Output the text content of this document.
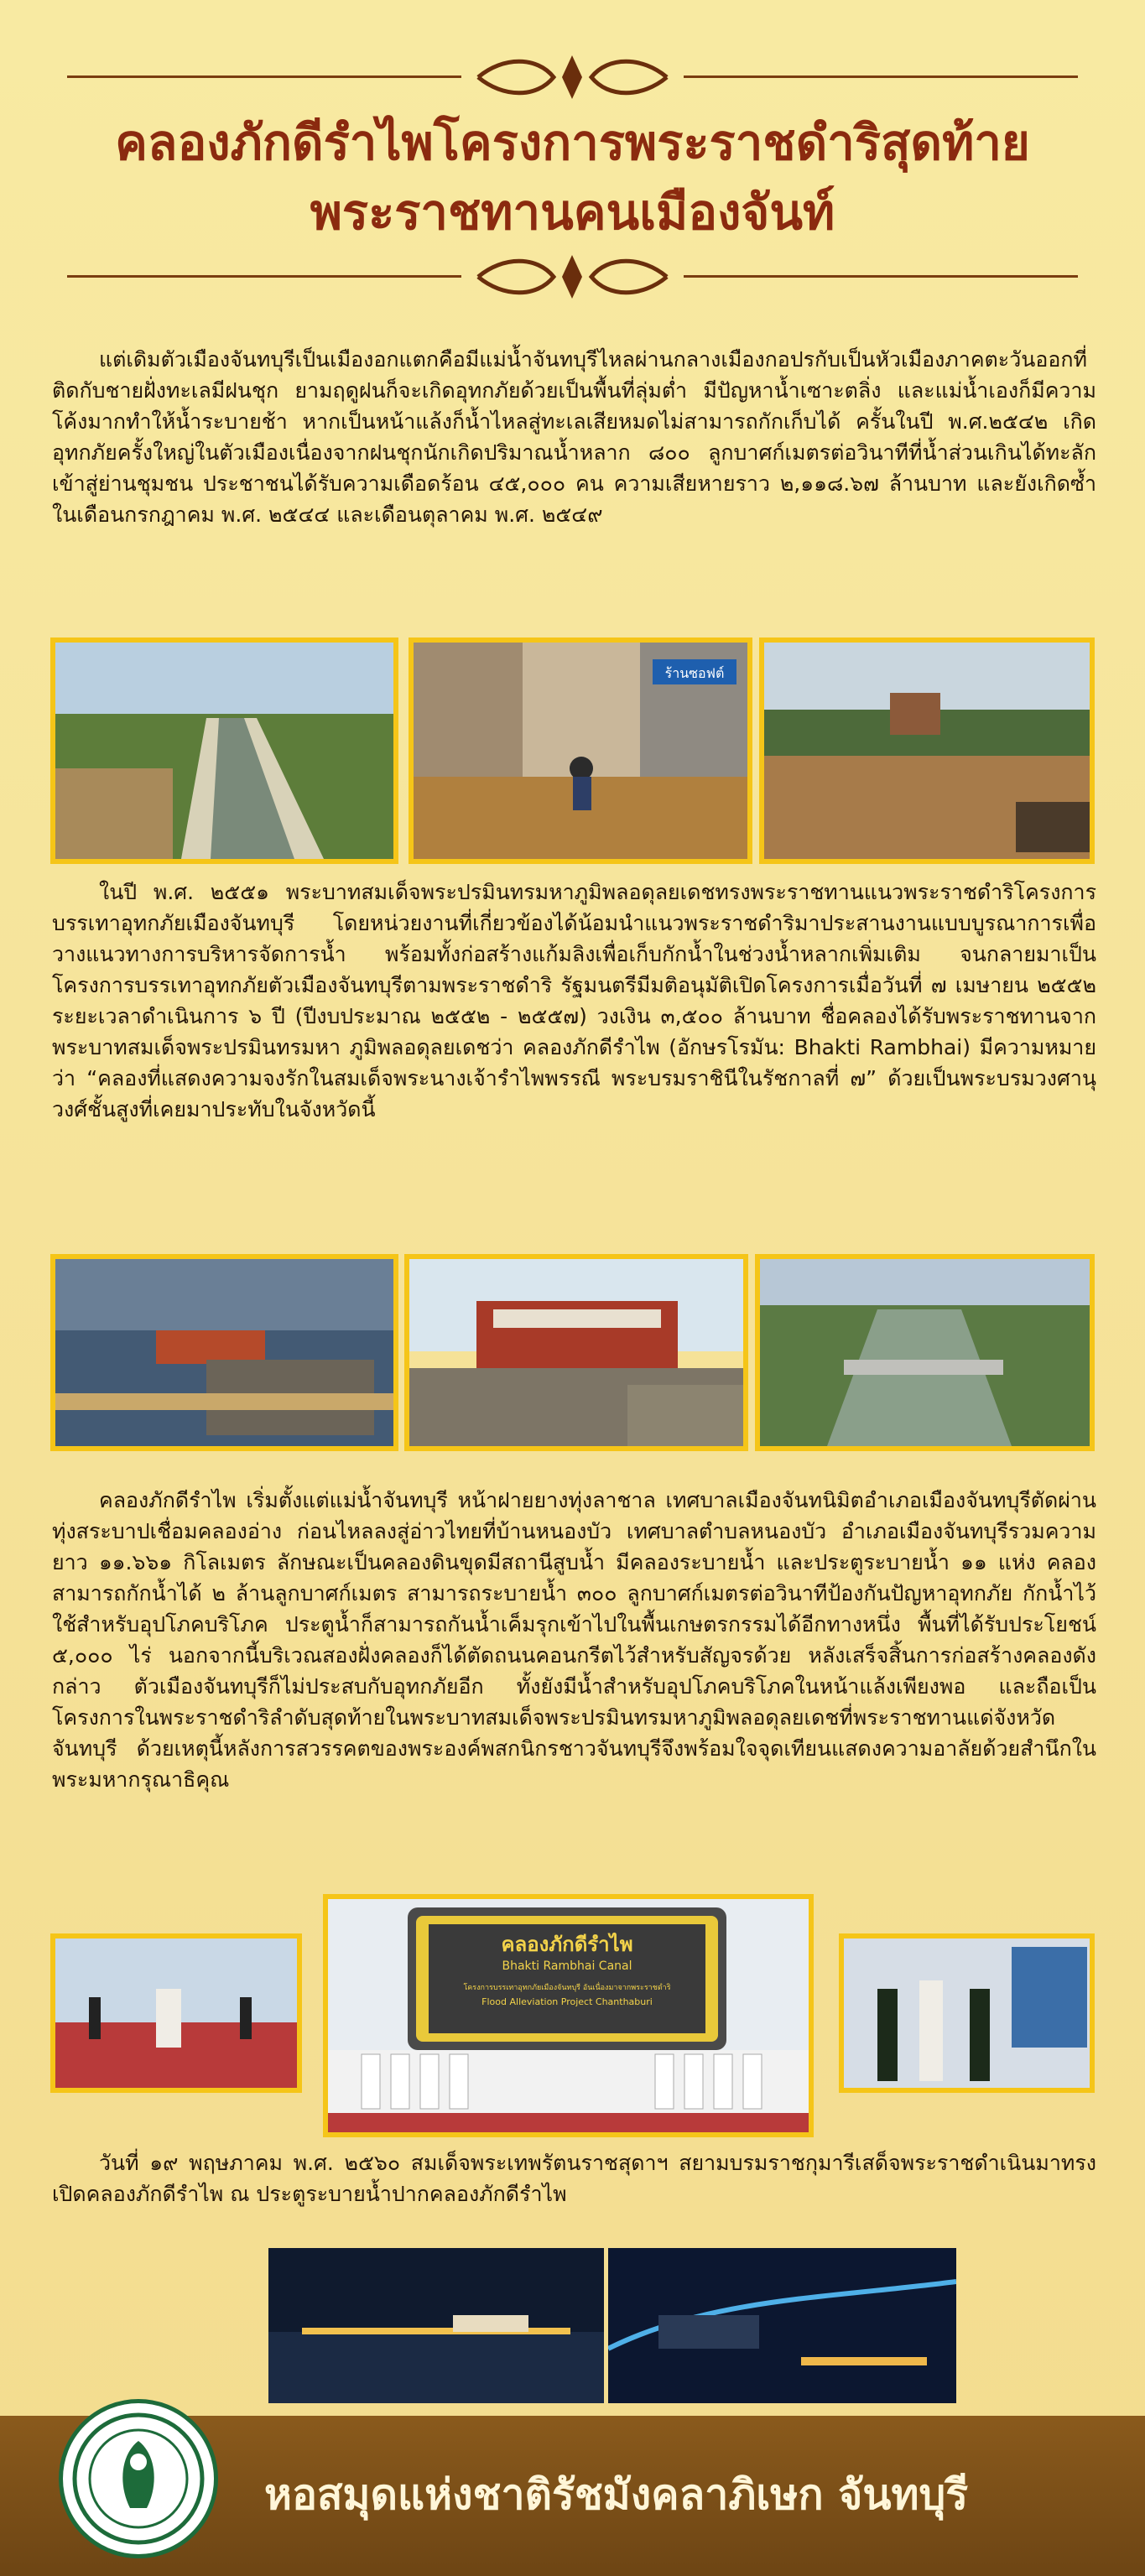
คลองภักดีรำไพโครงการพระราชดำริสุดท้าย
พระราชทานคนเมืองจันท์
แต่เดิมตัวเมืองจันทบุรีเป็นเมืองอกแตกคือมีแม่น้ำจันทบุรีไหลผ่านกลางเมืองกอปรกับเป็นหัวเมืองภาคตะวันออกที่ติดกับชายฝั่งทะเลมีฝนชุก ยามฤดูฝนก็จะเกิดอุทกภัยด้วยเป็นพื้นที่ลุ่มต่ำ มีปัญหาน้ำเซาะตลิ่ง และแม่น้ำเองก็มีความโค้งมากทำให้น้ำระบายช้า หากเป็นหน้าแล้งก็น้ำไหลสู่ทะเลเสียหมดไม่สามารถกักเก็บได้ ครั้นในปี พ.ศ.๒๕๔๒ เกิดอุทกภัยครั้งใหญ่ในตัวเมืองเนื่องจากฝนชุกนักเกิดปริมาณน้ำหลาก ๘๐๐ ลูกบาศก์เมตรต่อวินาทีที่น้ำส่วนเกินได้ทะลักเข้าสู่ย่านชุมชน ประชาชนได้รับความเดือดร้อน ๔๕,๐๐๐ คน ความเสียหายราว ๒,๑๑๘.๖๗ ล้านบาท และยังเกิดซ้ำในเดือนกรกฎาคม พ.ศ. ๒๕๔๔ และเดือนตุลาคม พ.ศ. ๒๕๔๙
ร้านซอฟต์
ในปี พ.ศ. ๒๕๕๑ พระบาทสมเด็จพระปรมินทรมหาภูมิพลอดุลยเดชทรงพระราชทานแนวพระราชดำริโครงการบรรเทาอุทกภัยเมืองจันทบุรี โดยหน่วยงานที่เกี่ยวข้องได้น้อมนำแนวพระราชดำริมาประสานงานแบบบูรณาการเพื่อวางแนวทางการบริหารจัดการน้ำ พร้อมทั้งก่อสร้างแก้มลิงเพื่อเก็บกักน้ำในช่วงน้ำหลากเพิ่มเติม จนกลายมาเป็นโครงการบรรเทาอุทกภัยตัวเมืองจันทบุรีตามพระราชดำริ รัฐมนตรีมีมติอนุมัติเปิดโครงการเมื่อวันที่ ๗ เมษายน ๒๕๕๒ ระยะเวลาดำเนินการ ๖ ปี (ปีงบประมาณ ๒๕๕๒ - ๒๕๕๗) วงเงิน ๓,๕๐๐ ล้านบาท ชื่อคลองได้รับพระราชทานจากพระบาทสมเด็จพระปรมินทรมหา ภูมิพลอดุลยเดชว่า คลองภักดีรำไพ (อักษรโรมัน: Bhakti Rambhai) มีความหมายว่า “คลองที่แสดงความจงรักในสมเด็จพระนางเจ้ารำไพพรรณี พระบรมราชินีในรัชกาลที่ ๗” ด้วยเป็นพระบรมวงศานุวงศ์ชั้นสูงที่เคยมาประทับในจังหวัดนี้
คลองภักดีรำไพ เริ่มตั้งแต่แม่น้ำจันทบุรี หน้าฝายยางทุ่งลาชาล เทศบาลเมืองจันทนิมิตอำเภอเมืองจันทบุรีตัดผ่านทุ่งสระบาปเชื่อมคลองอ่าง ก่อนไหลลงสู่อ่าวไทยที่บ้านหนองบัว เทศบาลตำบลหนองบัว อำเภอเมืองจันทบุรีรวมความยาว ๑๑.๖๖๑ กิโลเมตร ลักษณะเป็นคลองดินขุดมีสถานีสูบน้ำ มีคลองระบายน้ำ และประตูระบายน้ำ ๑๑ แห่ง คลองสามารถกักน้ำได้ ๒ ล้านลูกบาศก์เมตร สามารถระบายน้ำ ๓๐๐ ลูกบาศก์เมตรต่อวินาทีป้องกันปัญหาอุทกภัย กักน้ำไว้ใช้สำหรับอุปโภคบริโภค ประตูน้ำก็สามารถกันน้ำเค็มรุกเข้าไปในพื้นเกษตรกรรมได้อีกทางหนึ่ง พื้นที่ได้รับประโยชน์ ๕,๐๐๐ ไร่ นอกจากนี้บริเวณสองฝั่งคลองก็ได้ตัดถนนคอนกรีตไว้สำหรับสัญจรด้วย หลังเสร็จสิ้นการก่อสร้างคลองดังกล่าว ตัวเมืองจันทบุรีก็ไม่ประสบกับอุทกภัยอีก ทั้งยังมีน้ำสำหรับอุปโภคบริโภคในหน้าแล้งเพียงพอ และถือเป็นโครงการในพระราชดำริลำดับสุดท้ายในพระบาทสมเด็จพระปรมินทรมหาภูมิพลอดุลยเดชที่พระราชทานแด่จังหวัดจันทบุรี ด้วยเหตุนี้หลังการสวรรคตของพระองค์พสกนิกรชาวจันทบุรีจึงพร้อมใจจุดเทียนแสดงความอาลัยด้วยสำนึกในพระมหากรุณาธิคุณ
คลองภักดีรำไพ
Bhakti Rambhai Canal
โครงการบรรเทาอุทกภัยเมืองจันทบุรี อันเนื่องมาจากพระราชดำริ
Flood Alleviation Project Chanthaburi
วันที่ ๑๙ พฤษภาคม พ.ศ. ๒๕๖๐ สมเด็จพระเทพรัตนราชสุดาฯ สยามบรมราชกุมารีเสด็จพระราชดำเนินมาทรงเปิดคลองภักดีรำไพ ณ ประตูระบายน้ำปากคลองภักดีรำไพ
หอสมุดแห่งชาติรัชมังคลาภิเษก จันทบุรี
